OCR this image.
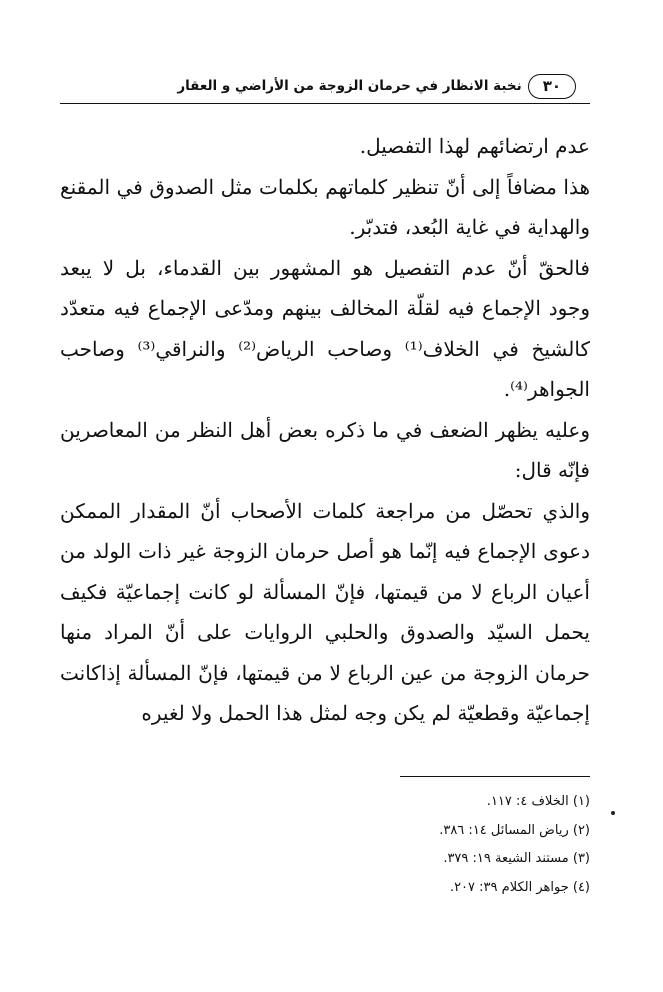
٣٠
نخبة الانظار في حرمان الزوجة من الأراضي و العقار

عدم ارتضائهم لهذا التفصيل.

هذا مضافاً إلى أنّ تنظير كلماتهم بكلمات مثل الصدوق في المقنع والهداية في غاية البُعد، فتدبّر.

فالحقّ أنّ عدم التفصيل هو المشهور بين القدماء، بل لا يبعد وجود الإجماع فيه لقلّة المخالف بينهم ومدّعى الإجماع فيه متعدّد كالشيخ في الخلاف⁽¹⁾ وصاحب الرياض⁽²⁾ والنراقي⁽³⁾ وصاحب الجواهر⁽⁴⁾.

وعليه يظهر الضعف في ما ذكره بعض أهل النظر من المعاصرين فإنّه قال:

والذي تحصّل من مراجعة كلمات الأصحاب أنّ المقدار الممكن دعوى الإجماع فيه إنّما هو أصل حرمان الزوجة غير ذات الولد من أعيان الرباع لا من قيمتها، فإنّ المسألة لو كانت إجماعيّة فكيف يحمل السيّد والصدوق والحلبي الروايات على أنّ المراد منها حرمان الزوجة من عين الرباع لا من قيمتها، فإنّ المسألة إذاكانت إجماعيّة وقطعيّة لم يكن وجه لمثل هذا الحمل ولا لغيره

(١) الخلاف ٤: ١١٧.
(٢) رياض المسائل ١٤: ٣٨٦.
(٣) مستند الشيعة ١٩: ٣٧٩.
(٤) جواهر الكلام ٣٩: ٢٠٧.
